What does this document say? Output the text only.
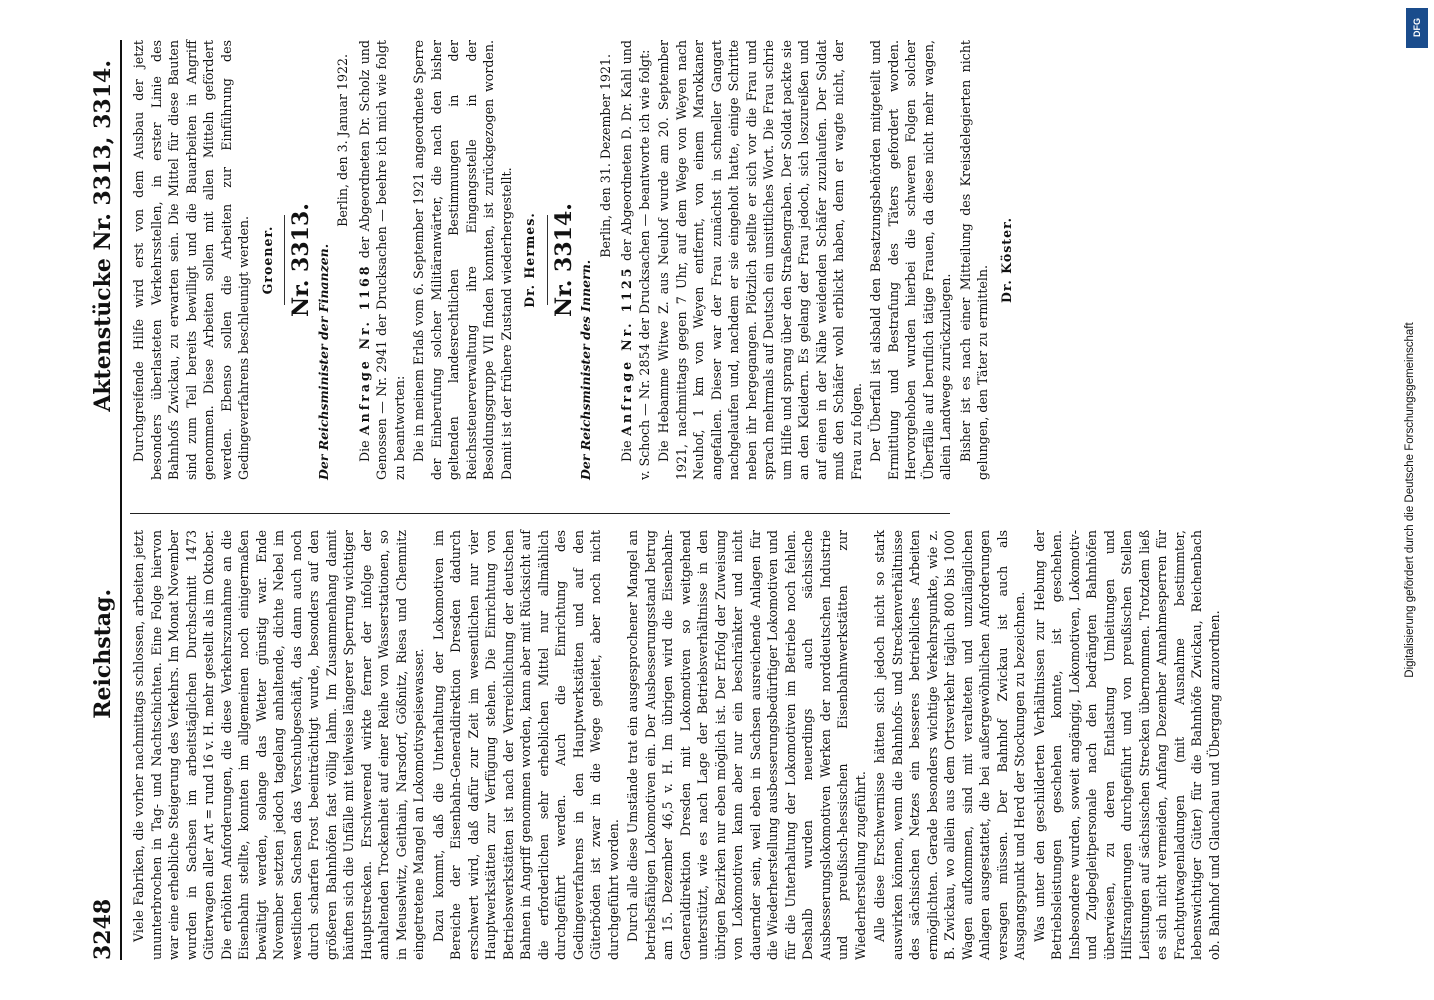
3248
Reichstag.
Aktenstücke Nr. 3313, 3314.

Viele Fabriken, die vorher nachmittags schlossen, arbeiten jetzt ununterbrochen in Tag- und Nachtschichten. Eine Folge hiervon war eine erhebliche Steigerung des Verkehrs. Im Monat November wurden in Sachsen im arbeitstäglichen Durchschnitt 1473 Güterwagen aller Art = rund 16 v. H. mehr gestellt als im Oktober. Die erhöhten Anforderungen, die diese Verkehrszunahme an die Eisenbahn stellte, konnten im allgemeinen noch einigermaßen bewältigt werden, solange das Wetter günstig war. Ende November setzten jedoch tagelang anhaltende, dichte Nebel im westlichen Sachsen das Verschubgeschäft, das dann auch noch durch scharfen Frost beeinträchtigt wurde, besonders auf den größeren Bahnhöfen fast völlig lahm. Im Zusammenhang damit häuften sich die Unfälle mit teilweise längerer Sperrung wichtiger Hauptstrecken. Erschwerend wirkte ferner der infolge der anhaltenden Trockenheit auf einer Reihe von Wasserstationen, so in Meuselwitz, Geithain, Narsdorf, Gößnitz, Riesa und Chemnitz eingetretene Mangel an Lokomotivspeisewasser. Dazu kommt, daß die Unterhaltung der Lokomotiven im Bereiche der Eisenbahn-Generaldirektion Dresden dadurch erschwert wird, daß dafür zur Zeit im wesentlichen nur vier Hauptwerkstätten zur Verfügung stehen. Die Einrichtung von Betriebswerkstätten ist nach der Verreichlichung der deutschen Bahnen in Angriff genommen worden, kann aber mit Rücksicht auf die erforderlichen sehr erheblichen Mittel nur allmählich durchgeführt werden. Auch die Einrichtung des Gedingeverfahrens in den Hauptwerkstätten und auf den Güterböden ist zwar in die Wege geleitet, aber noch nicht durchgeführt worden. Durch alle diese Umstände trat ein ausgesprochener Mangel an betriebsfähigen Lokomotiven ein. Der Ausbesserungsstand betrug am 15. Dezember 46,5 v. H. Im übrigen wird die Eisenbahn-Generaldirektion Dresden mit Lokomotiven so weitgehend unterstützt, wie es nach Lage der Betriebsverhältnisse in den übrigen Bezirken nur eben möglich ist. Der Erfolg der Zuweisung von Lokomotiven kann aber nur ein beschränkter und nicht dauernder sein, weil eben in Sachsen ausreichende Anlagen für die Wiederherstellung ausbesserungsbedürftiger Lokomotiven und für die Unterhaltung der Lokomotiven im Betriebe noch fehlen. Deshalb wurden neuerdings auch sächsische Ausbesserungslokomotiven Werken der norddeutschen Industrie und preußisch-hessischen Eisenbahnwerkstätten zur Wiederherstellung zugeführt. Alle diese Erschwernisse hätten sich jedoch nicht so stark auswirken können, wenn die Bahnhofs- und Streckenverhältnisse des sächsischen Netzes ein besseres betriebliches Arbeiten ermöglichten. Gerade besonders wichtige Verkehrspunkte, wie z. B. Zwickau, wo allein aus dem Ortsverkehr täglich 800 bis 1000 Wagen aufkommen, sind mit veralteten und unzulänglichen Anlagen ausgestattet, die bei außergewöhnlichen Anforderungen versagen müssen. Der Bahnhof Zwickau ist auch als Ausgangspunkt und Herd der Stockungen zu bezeichnen. Was unter den geschilderten Verhältnissen zur Hebung der Betriebsleistungen geschehen konnte, ist geschehen. Insbesondere wurden, soweit angängig, Lokomotiven, Lokomotiv- und Zugbegleitpersonale nach den bedrängten Bahnhöfen überwiesen, zu deren Entlastung Umleitungen und Hilfsrangierungen durchgeführt und von preußischen Stellen Leistungen auf sächsischen Strecken übernommen. Trotzdem ließ es sich nicht vermeiden, Anfang Dezember Annahmesperren für Frachtgutwagenladungen (mit Ausnahme bestimmter, lebenswichtiger Güter) für die Bahnhöfe Zwickau, Reichenbach ob. Bahnhof und Glauchau und Übergang anzuordnen.

Durchgreifende Hilfe wird erst von dem Ausbau der jetzt besonders überlasteten Verkehrsstellen, in erster Linie des Bahnhofs Zwickau, zu erwarten sein. Die Mittel für diese Bauten sind zum Teil bereits bewilligt und die Bauarbeiten in Angriff genommen. Diese Arbeiten sollen mit allen Mitteln gefördert werden. Ebenso sollen die Arbeiten zur Einführung des Gedingeverfahrens beschleunigt werden. Groener. Nr. 3313. Der Reichsminister der Finanzen.
Berlin, den 3. Januar 1922.

Die Anfrage Nr. 1168 der Abgeordneten Dr. Scholz und Genossen — Nr. 2941 der Drucksachen — beehre ich mich wie folgt zu beantworten: Die in meinem Erlaß vom 6. September 1921 angeordnete Sperre der Einberufung solcher Militäranwärter, die nach den bisher geltenden landesrechtlichen Bestimmungen in der Reichssteuerverwaltung ihre Eingangsstelle in der Besoldungsgruppe VII finden konnten, ist zurückgezogen worden. Damit ist der frühere Zustand wiederhergestellt. Dr. Hermes. Nr. 3314. Der Reichsminister des Innern.
Berlin, den 31. Dezember 1921.

Die Anfrage Nr. 1125 der Abgeordneten D. Dr. Kahl und v. Schoch — Nr. 2854 der Drucksachen — beantworte ich wie folgt: Die Hebamme Witwe Z. aus Neuhof wurde am 20. September 1921, nachmittags gegen 7 Uhr, auf dem Wege von Weyen nach Neuhof, 1 km von Weyen entfernt, von einem Marokkaner angefallen. Dieser war der Frau zunächst in schneller Gangart nachgelaufen und, nachdem er sie eingeholt hatte, einige Schritte neben ihr hergegangen. Plötzlich stellte er sich vor die Frau und sprach mehrmals auf Deutsch ein unsittliches Wort. Die Frau schrie um Hilfe und sprang über den Straßengraben. Der Soldat packte sie an den Kleidern. Es gelang der Frau jedoch, sich loszureißen und auf einen in der Nähe weidenden Schäfer zuzulaufen. Der Soldat muß den Schäfer wohl erblickt haben, denn er wagte nicht, der Frau zu folgen. Der Überfall ist alsbald den Besatzungsbehörden mitgeteilt und Ermittlung und Bestrafung des Täters gefordert worden. Hervorgehoben wurden hierbei die schweren Folgen solcher Überfälle auf beruflich tätige Frauen, da diese nicht mehr wagen, allein Landwege zurückzulegen. Bisher ist es nach einer Mitteilung des Kreisdelegierten nicht gelungen, den Täter zu ermitteln.

Dr. Köster.
DFG
Digitalisierung gefördert durch die Deutsche Forschungsgemeinschaft
